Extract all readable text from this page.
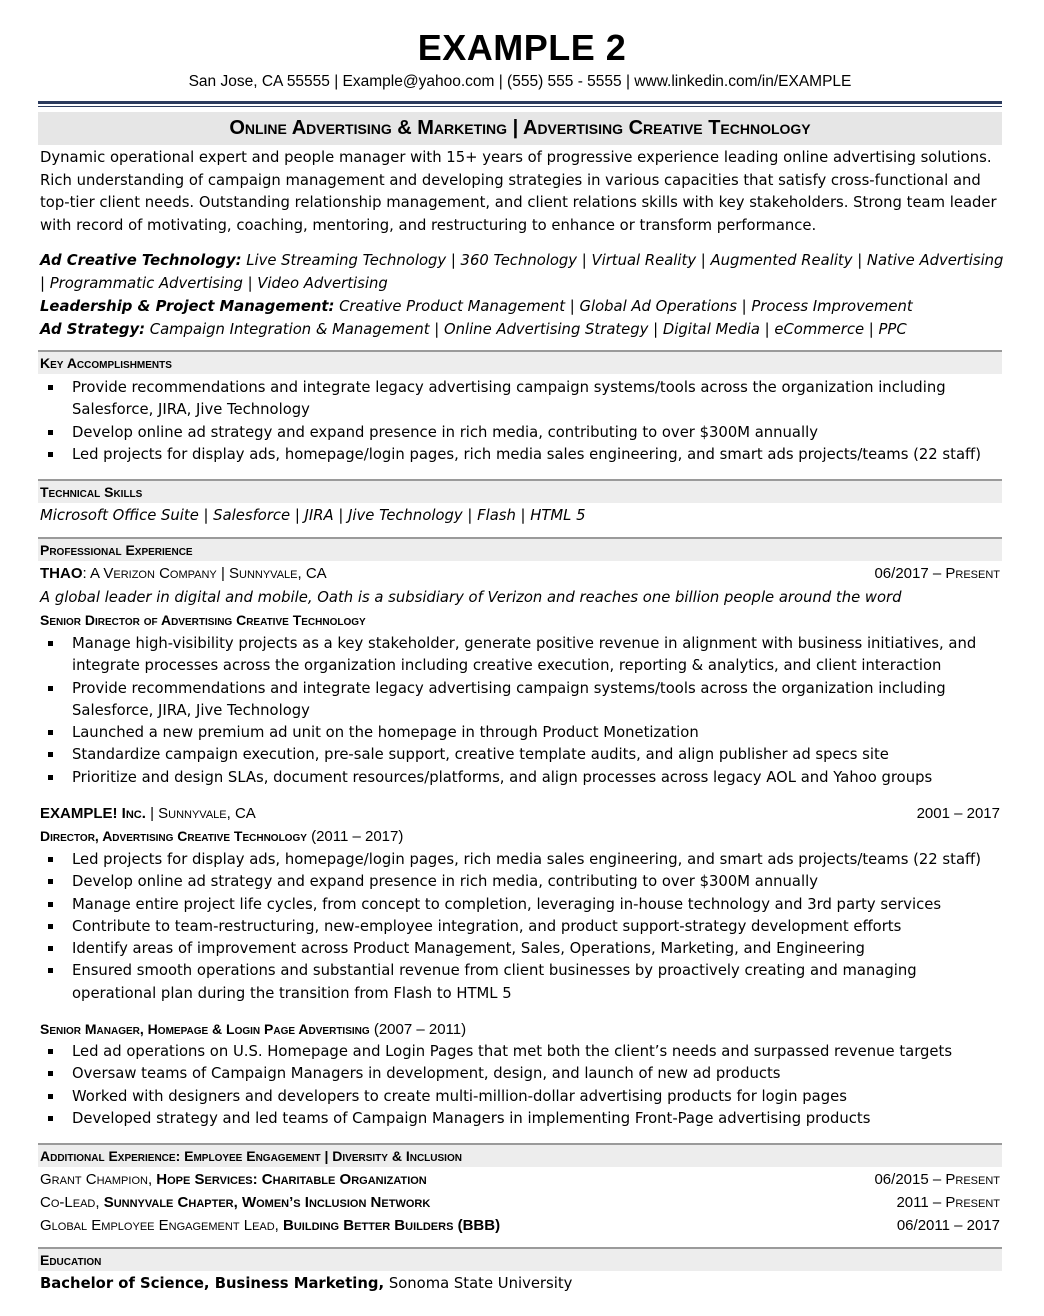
EXAMPLE 2
San Jose, CA 55555 | Example@yahoo.com | (555) 555 - 5555 | www.linkedin.com/in/EXAMPLE
Online Advertising & Marketing | Advertising Creative Technology
Dynamic operational expert and people manager with 15+ years of progressive experience leading online advertising solutions. Rich understanding of campaign management and developing strategies in various capacities that satisfy cross-functional and top-tier client needs. Outstanding relationship management, and client relations skills with key stakeholders. Strong team leader with record of motivating, coaching, mentoring, and restructuring to enhance or transform performance.

Ad Creative Technology: Live Streaming Technology | 360 Technology | Virtual Reality | Augmented Reality | Native Advertising | Programmatic Advertising | Video Advertising

Leadership & Project Management: Creative Product Management | Global Ad Operations | Process Improvement

Ad Strategy: Campaign Integration & Management | Online Advertising Strategy | Digital Media | eCommerce | PPC

Key Accomplishments
Provide recommendations and integrate legacy advertising campaign systems/tools across the organization including Salesforce, JIRA, Jive Technology
Develop online ad strategy and expand presence in rich media, contributing to over $300M annually
Led projects for display ads, homepage/login pages, rich media sales engineering, and smart ads projects/teams (22 staff)
Technical Skills
Microsoft Office Suite | Salesforce | JIRA | Jive Technology | Flash | HTML 5
Professional Experience
THAO: A Verizon Company | Sunnyvale, CA	06/2017 – Present
A global leader in digital and mobile, Oath is a subsidiary of Verizon and reaches one billion people around the word
Senior Director of Advertising Creative Technology
Manage high-visibility projects as a key stakeholder, generate positive revenue in alignment with business initiatives, and integrate processes across the organization including creative execution, reporting & analytics, and client interaction
Provide recommendations and integrate legacy advertising campaign systems/tools across the organization including Salesforce, JIRA, Jive Technology
Launched a new premium ad unit on the homepage in through Product Monetization
Standardize campaign execution, pre-sale support, creative template audits, and align publisher ad specs site
Prioritize and design SLAs, document resources/platforms, and align processes across legacy AOL and Yahoo groups
EXAMPLE! Inc. | Sunnyvale, CA	2001 – 2017
Director, Advertising Creative Technology (2011 – 2017)
Led projects for display ads, homepage/login pages, rich media sales engineering, and smart ads projects/teams (22 staff)
Develop online ad strategy and expand presence in rich media, contributing to over $300M annually
Manage entire project life cycles, from concept to completion, leveraging in-house technology and 3rd party services
Contribute to team-restructuring, new-employee integration, and product support-strategy development efforts
Identify areas of improvement across Product Management, Sales, Operations, Marketing, and Engineering
Ensured smooth operations and substantial revenue from client businesses by proactively creating and managing operational plan during the transition from Flash to HTML 5
Senior Manager, Homepage & Login Page Advertising (2007 – 2011)
Led ad operations on U.S. Homepage and Login Pages that met both the client’s needs and surpassed revenue targets
Oversaw teams of Campaign Managers in development, design, and launch of new ad products
Worked with designers and developers to create multi-million-dollar advertising products for login pages
Developed strategy and led teams of Campaign Managers in implementing Front-Page advertising products
Additional Experience: Employee Engagement | Diversity & Inclusion
Grant Champion, Hope Services: Charitable Organization	06/2015 – Present
Co-Lead, Sunnyvale Chapter, Women’s Inclusion Network	2011 – Present
Global Employee Engagement Lead, Building Better Builders (BBB)	06/2011 – 2017
Education
Bachelor of Science, Business Marketing, Sonoma State University
